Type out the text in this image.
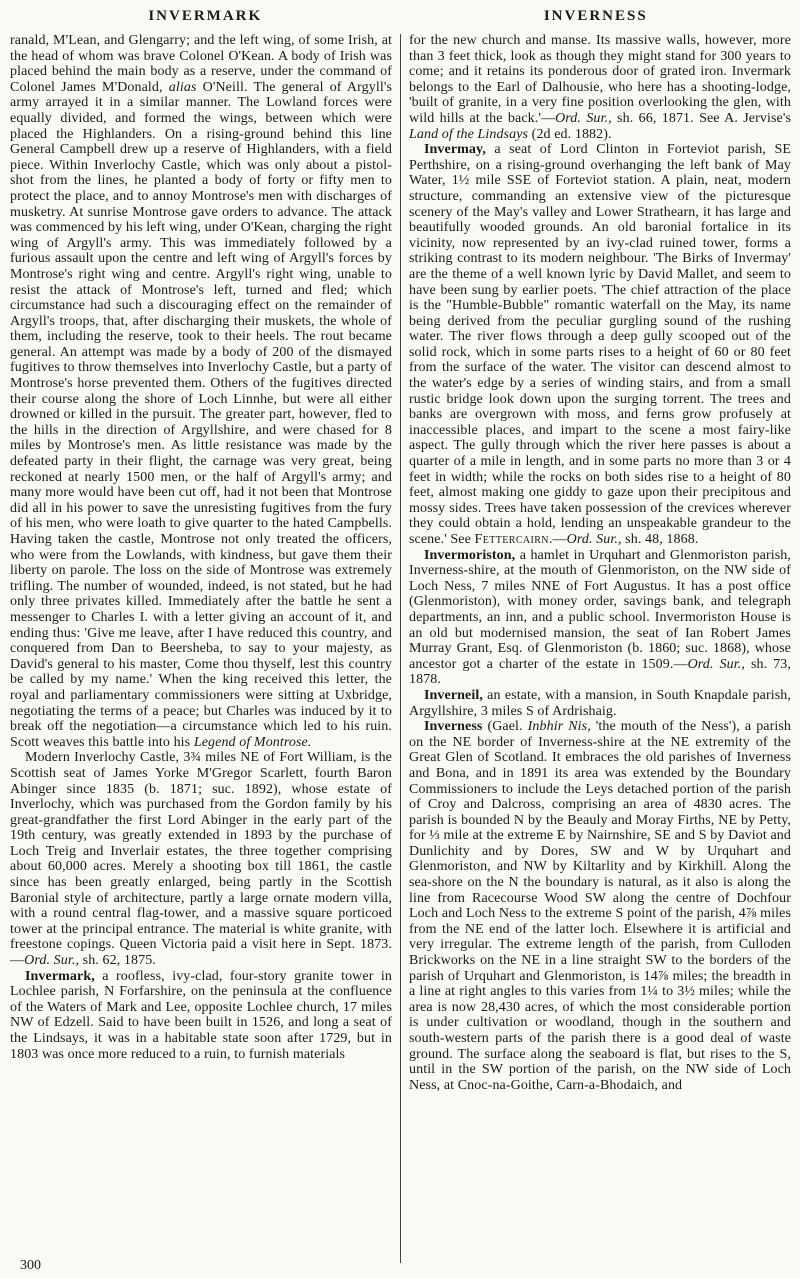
INVERMARK	INVERNESS

ranald, M'Lean, and Glengarry; and the left wing, of some Irish, at the head of whom was brave Colonel O'Kean. A body of Irish was placed behind the main body as a reserve, under the command of Colonel James M'Donald, alias O'Neill. The general of Argyll's army arrayed it in a similar manner. The Lowland forces were equally divided, and formed the wings, between which were placed the Highlanders. On a rising-ground behind this line General Campbell drew up a reserve of Highlanders, with a field piece. Within Inverlochy Castle, which was only about a pistol-shot from the lines, he planted a body of forty or fifty men to protect the place, and to annoy Montrose's men with discharges of musketry. At sunrise Montrose gave orders to advance. The attack was commenced by his left wing, under O'Kean, charging the right wing of Argyll's army. This was immediately followed by a furious assault upon the centre and left wing of Argyll's forces by Montrose's right wing and centre. Argyll's right wing, unable to resist the attack of Montrose's left, turned and fled; which circumstance had such a discouraging effect on the remainder of Argyll's troops, that, after discharging their muskets, the whole of them, including the reserve, took to their heels. The rout became general. An attempt was made by a body of 200 of the dismayed fugitives to throw themselves into Inverlochy Castle, but a party of Montrose's horse prevented them. Others of the fugitives directed their course along the shore of Loch Linnhe, but were all either drowned or killed in the pursuit. The greater part, however, fled to the hills in the direction of Argyllshire, and were chased for 8 miles by Montrose's men. As little resistance was made by the defeated party in their flight, the carnage was very great, being reckoned at nearly 1500 men, or the half of Argyll's army; and many more would have been cut off, had it not been that Montrose did all in his power to save the unresisting fugitives from the fury of his men, who were loath to give quarter to the hated Campbells. Having taken the castle, Montrose not only treated the officers, who were from the Lowlands, with kindness, but gave them their liberty on parole. The loss on the side of Montrose was extremely trifling. The number of wounded, indeed, is not stated, but he had only three privates killed. Immediately after the battle he sent a messenger to Charles I. with a letter giving an account of it, and ending thus: 'Give me leave, after I have reduced this country, and conquered from Dan to Beersheba, to say to your majesty, as David's general to his master, Come thou thyself, lest this country be called by my name.' When the king received this letter, the royal and parliamentary commissioners were sitting at Uxbridge, negotiating the terms of a peace; but Charles was induced by it to break off the negotiation—a circumstance which led to his ruin. Scott weaves this battle into his Legend of Montrose.

Modern Inverlochy Castle, 3¾ miles NE of Fort William, is the Scottish seat of James Yorke M'Gregor Scarlett, fourth Baron Abinger since 1835 (b. 1871; suc. 1892), whose estate of Inverlochy, which was purchased from the Gordon family by his great-grandfather the first Lord Abinger in the early part of the 19th century, was greatly extended in 1893 by the purchase of Loch Treig and Inverlair estates, the three together comprising about 60,000 acres. Merely a shooting box till 1861, the castle since has been greatly enlarged, being partly in the Scottish Baronial style of architecture, partly a large ornate modern villa, with a round central flag-tower, and a massive square porticoed tower at the principal entrance. The material is white granite, with freestone copings. Queen Victoria paid a visit here in Sept. 1873.—Ord. Sur., sh. 62, 1875.

Invermark, a roofless, ivy-clad, four-story granite tower in Lochlee parish, N Forfarshire, on the peninsula at the confluence of the Waters of Mark and Lee, opposite Lochlee church, 17 miles NW of Edzell. Said to have been built in 1526, and long a seat of the Lindsays, it was in a habitable state soon after 1729, but in 1803 was once more reduced to a ruin, to furnish materials

for the new church and manse. Its massive walls, however, more than 3 feet thick, look as though they might stand for 300 years to come; and it retains its ponderous door of grated iron. Invermark belongs to the Earl of Dalhousie, who here has a shooting-lodge, 'built of granite, in a very fine position overlooking the glen, with wild hills at the back.'—Ord. Sur., sh. 66, 1871. See A. Jervise's Land of the Lindsays (2d ed. 1882).

Invermay, a seat of Lord Clinton in Forteviot parish, SE Perthshire, on a rising-ground overhanging the left bank of May Water, 1½ mile SSE of Forteviot station. A plain, neat, modern structure, commanding an extensive view of the picturesque scenery of the May's valley and Lower Strathearn, it has large and beautifully wooded grounds. An old baronial fortalice in its vicinity, now represented by an ivy-clad ruined tower, forms a striking contrast to its modern neighbour. 'The Birks of Invermay' are the theme of a well known lyric by David Mallet, and seem to have been sung by earlier poets. 'The chief attraction of the place is the "Humble-Bubble" romantic waterfall on the May, its name being derived from the peculiar gurgling sound of the rushing water. The river flows through a deep gully scooped out of the solid rock, which in some parts rises to a height of 60 or 80 feet from the surface of the water. The visitor can descend almost to the water's edge by a series of winding stairs, and from a small rustic bridge look down upon the surging torrent. The trees and banks are overgrown with moss, and ferns grow profusely at inaccessible places, and impart to the scene a most fairy-like aspect. The gully through which the river here passes is about a quarter of a mile in length, and in some parts no more than 3 or 4 feet in width; while the rocks on both sides rise to a height of 80 feet, almost making one giddy to gaze upon their precipitous and mossy sides. Trees have taken possession of the crevices wherever they could obtain a hold, lending an unspeakable grandeur to the scene.' See Fettercairn.—Ord. Sur., sh. 48, 1868.

Invermoriston, a hamlet in Urquhart and Glenmoriston parish, Inverness-shire, at the mouth of Glenmoriston, on the NW side of Loch Ness, 7 miles NNE of Fort Augustus. It has a post office (Glenmoriston), with money order, savings bank, and telegraph departments, an inn, and a public school. Invermoriston House is an old but modernised mansion, the seat of Ian Robert James Murray Grant, Esq. of Glenmoriston (b. 1860; suc. 1868), whose ancestor got a charter of the estate in 1509.—Ord. Sur., sh. 73, 1878.

Inverneil, an estate, with a mansion, in South Knapdale parish, Argyllshire, 3 miles S of Ardrishaig.

Inverness (Gael. Inbhir Nis, 'the mouth of the Ness'), a parish on the NE border of Inverness-shire at the NE extremity of the Great Glen of Scotland. It embraces the old parishes of Inverness and Bona, and in 1891 its area was extended by the Boundary Commissioners to include the Leys detached portion of the parish of Croy and Dalcross, comprising an area of 4830 acres. The parish is bounded N by the Beauly and Moray Firths, NE by Petty, for ⅓ mile at the extreme E by Nairnshire, SE and S by Daviot and Dunlichity and by Dores, SW and W by Urquhart and Glenmoriston, and NW by Kiltarlity and by Kirkhill. Along the sea-shore on the N the boundary is natural, as it also is along the line from Racecourse Wood SW along the centre of Dochfour Loch and Loch Ness to the extreme S point of the parish, 4⅞ miles from the NE end of the latter loch. Elsewhere it is artificial and very irregular. The extreme length of the parish, from Culloden Brickworks on the NE in a line straight SW to the borders of the parish of Urquhart and Glenmoriston, is 14⅞ miles; the breadth in a line at right angles to this varies from 1¼ to 3½ miles; while the area is now 28,430 acres, of which the most considerable portion is under cultivation or woodland, though in the southern and south-western parts of the parish there is a good deal of waste ground. The surface along the seaboard is flat, but rises to the S, until in the SW portion of the parish, on the NW side of Loch Ness, at Cnoc-na-Goithe, Carn-a-Bhodaich, and

300
